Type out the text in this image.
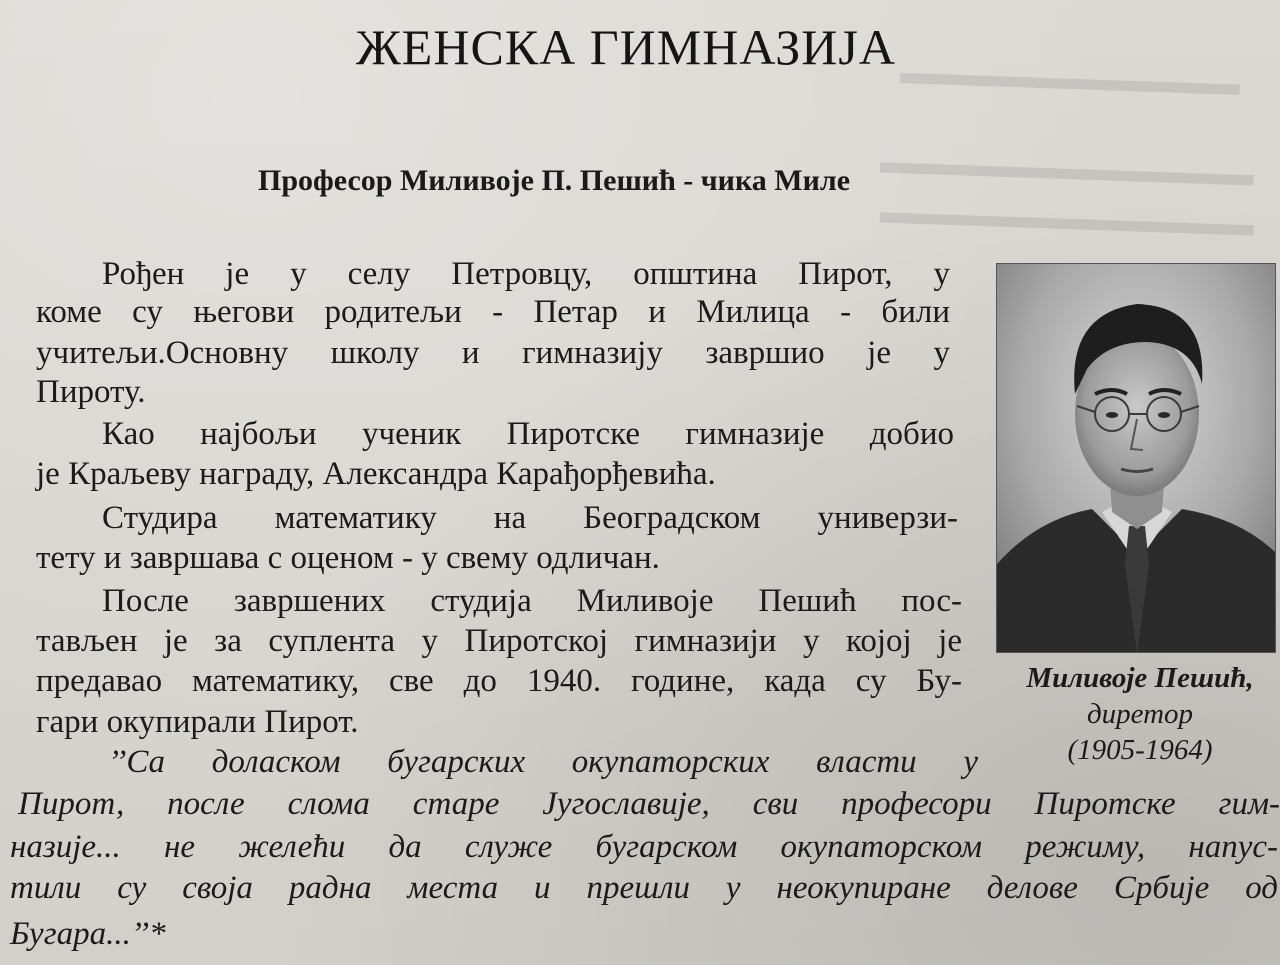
▬▬▬▬▬▬▬▬▬▬
▬▬▬▬▬▬▬▬▬▬▬
▬▬▬▬▬▬▬▬▬▬▬
ЖЕНСКА ГИМНАЗИЈА
Професор Миливоје П. Пешић - чика Миле
Рођен је у селу Петровцу, општина Пирот, у
коме су његови родитељи - Петар и Милица - били
учитељи.Основну школу и гимназију завршио је у
Пироту.
Као најбољи ученик Пиротске гимназије добио
је Краљеву награду, Александра Карађорђевића.
Студира математику на Београдском универзи-
тету и завршава с оценом - у свему одличан.
После завршених студија Миливоје Пешић пос-
тављен је за суплента у Пиротској гимназији у којој је
предавао математику, све до 1940. године, када су Бу-
гари окупирали Пирот.
’’Са доласком бугарских окупаторских власти у
Пирот, после слома старе Југославије, сви професори Пиротске гим-
назије... не желећи да служе бугарском окупаторском режиму, напус-
тили су своја радна места и прешли у неокупиране делове Србије од
Бугара...’’*
Миливоје Пешић,
диретор
(1905-1964)
